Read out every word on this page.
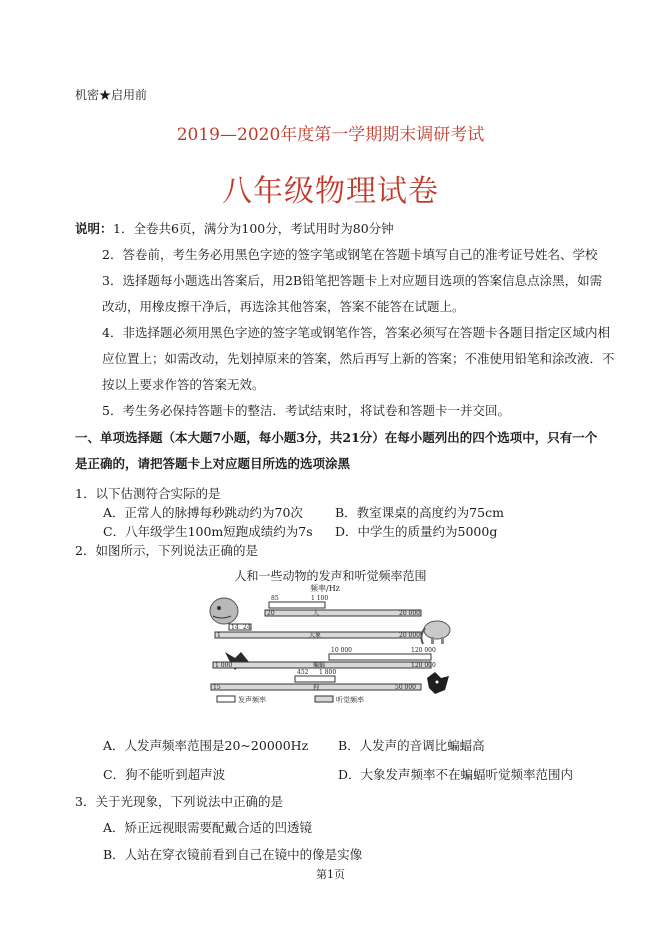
机密★启用前
2019—2020年度第一学期期末调研考试
八年级物理试卷
说明： 1．全卷共6页，满分为100分，考试用时为80分钟
2．答卷前，考生务必用黑色字迹的签字笔或钢笔在答题卡填写自己的准考证号姓名、学校
3．选择题每小题选出答案后，用2B铅笔把答题卡上对应题目选项的答案信息点涂黑，如需
改动，用橡皮擦干净后，再选涂其他答案，答案不能答在试题上。
4．非选择题必须用黑色字迹的签字笔或钢笔作答，答案必须写在答题卡各题目指定区域内相
应位置上；如需改动，先划掉原来的答案，然后再写上新的答案；不准使用铅笔和涂改液．不
按以上要求作答的答案无效。
5．考生务必保持答题卡的整洁．考试结束时，将试卷和答题卡一并交回。
一、单项选择题（本大题7小题，每小题3分，共21分）在每小题列出的四个选项中，只有一个
是正确的，请把答题卡上对应题目所选的选项涂黑
1．以下估测符合实际的是
A．正常人的脉搏每秒跳动约为70次	B．教室课桌的高度约为75cm
C．八年级学生100m短跑成绩约为7s D．中学生的质量约为5000g
2．如图所示，下列说法正确的是
人和一些动物的发声和听觉频率范围
频率/Hz
85	1 100
20	人	20 000
14 24
1	大象	20 000
10 000	120 000
1 000	蝙蝠	120 000
452 1 800
15	狗	50 000
发声频率	听觉频率
A．人发声频率范围是20~20000Hz B．人发声的音调比蝙蝠高
C．狗不能听到超声波	D．大象发声频率不在蝙蝠听觉频率范围内
3．关于光现象，下列说法中正确的是
A．矫正远视眼需要配戴合适的凹透镜
B．人站在穿衣镜前看到自己在镜中的像是实像
第1页
